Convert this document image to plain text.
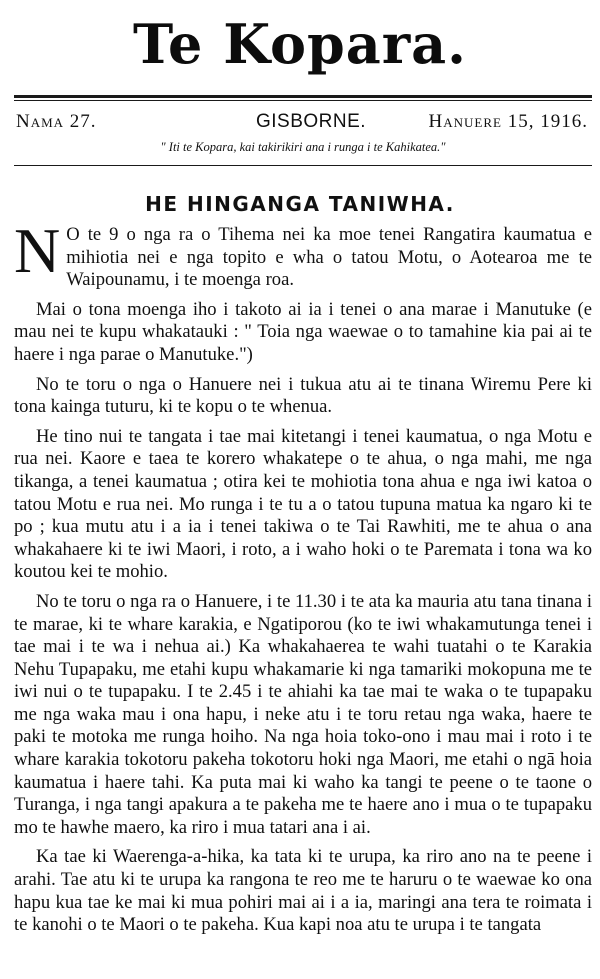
Te Kopara.
Nama 27.	GISBORNE.	Hanuere 15, 1916.
" Iti te Kopara, kai takirikiri ana i runga i te Kahikatea."
HE HINGANGA TANIWHA.

N O te 9 o nga ra o Tihema nei ka moe tenei Rangatira kaumatua e mihiotia nei e nga topito e wha o tatou Motu, o Aotearoa me te Waipounamu, i te moenga roa.

Mai o tona moenga iho i takoto ai ia i tenei o ana marae i Manutuke (e mau nei te kupu whakatauki : " Toia nga waewae o to tamahine kia pai ai te haere i nga parae o Manutuke.")

No te toru o nga o Hanuere nei i tukua atu ai te tinana Wiremu Pere ki tona kainga tuturu, ki te kopu o te whenua.

He tino nui te tangata i tae mai kitetangi i tenei kaumatua, o nga Motu e rua nei. Kaore e taea te korero whakatepe o te ahua, o nga mahi, me nga tikanga, a tenei kaumatua ; otira kei te mohiotia tona ahua e nga iwi katoa o tatou Motu e rua nei. Mo runga i te tu a o tatou tupuna matua ka ngaro ki te po ; kua mutu atu i a ia i tenei takiwa o te Tai Rawhiti, me te ahua o ana whakahaere ki te iwi Maori, i roto, a i waho hoki o te Paremata i tona wa ko koutou kei te mohio.

No te toru o nga ra o Hanuere, i te 11.30 i te ata ka mauria atu tana tinana i te marae, ki te whare karakia, e Ngatiporou (ko te iwi whakamutunga tenei i tae mai i te wa i nehua ai.) Ka whakahaerea te wahi tuatahi o te Karakia Nehu Tupapaku, me etahi kupu whakamarie ki nga tamariki mokopuna me te iwi nui o te tupapaku. I te 2.45 i te ahiahi ka tae mai te waka o te tupapaku me nga waka mau i ona hapu, i neke atu i te toru retau nga waka, haere te paki te motoka me runga hoiho. Na nga hoia toko-ono i mau mai i roto i te whare karakia tokotoru pakeha tokotoru hoki nga Maori, me etahi o ngā hoia kaumatua i haere tahi. Ka puta mai ki waho ka tangi te peene o te taone o Turanga, i nga tangi apakura a te pakeha me te haere ano i mua o te tupapaku mo te hawhe maero, ka riro i mua tatari ana i ai.

Ka tae ki Waerenga-a-hika, ka tata ki te urupa, ka riro ano na te peene i arahi. Tae atu ki te urupa ka rangona te reo me te haruru o te waewae ko ona hapu kua tae ke mai ki mua pohiri mai ai i a ia, maringi ana tera te roimata i te kanohi o te Maori o te pakeha. Kua kapi noa atu te urupa i te tangata
